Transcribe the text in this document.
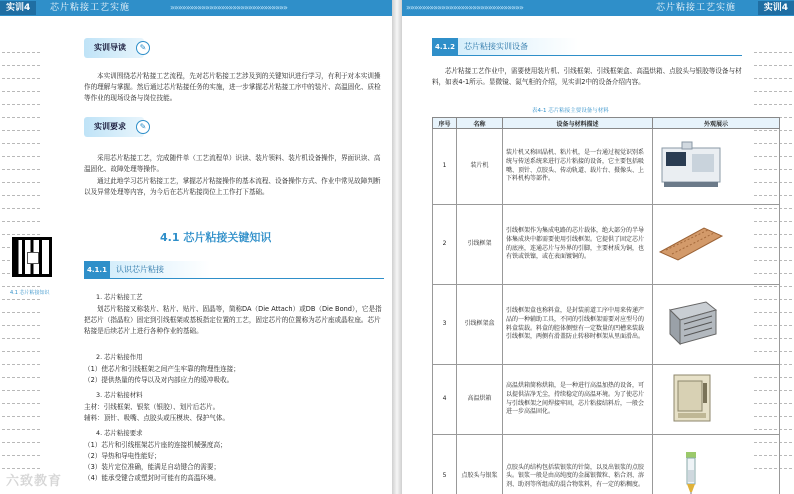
实训4	芯片粘接工艺实施	»»»»»»»»»»»»»»»»»»»»»»»»»»»»»»
实训导读	✎
本实训围绕芯片粘接工艺流程，先对芯片粘接工艺涉及到的关键知识进行学习，有利于对本实训操作的理解与掌握。然后通过芯片粘接任务的实施，进一步掌握芯片粘接工序中的装片、高温固化、质检等作业的现场设备与岗位技能。
实训要求	✎
采用芯片粘接工艺，完成随件单（工艺流程单）识读、装片领料、装片机设备操作，界面识读、高温固化、故障处理等操作。
通过此地学习芯片粘接工艺，掌握芯片粘接操作的基本流程、设备操作方式、作业中常见故障判断以及异常处理等内容，为今后在芯片粘接岗位上工作打下基础。
4.1 芯片粘接知识
4.1 芯片粘接关键知识
4.1.1	认识芯片粘接
1. 芯片粘接工艺
划芯片粘接又称装片、粘片、贴片、固晶等，简称DA（Die Attach）或DB（Die Bond），它是指把芯片（指晶粒）固定到引线框架或基板指定位置的工艺，固定芯片的位置称为芯片座或晶粒座。芯片粘接是后续芯片上进行各种作业的基础。
2. 芯片粘接作用
（1）使芯片和引线框架之间产生牢靠的物理性连接；
（2）提供热量的传导以及对内部应力的缓冲吸收。
3. 芯片粘接材料
主材：引线框架、银浆（银胶）、划片后芯片。
辅料：顶针、吸嘴、点胶头或压模块、保护气体。
4. 芯片粘接要求
（1）芯片和引线框架芯片座的连接机械强度高；
（2）导热和导电性能好；
（3）装片定位准确，能满足自动键合的需要；
（4）能承受键合或塑封时可能有的高温环境。
六致教育
»»»»»»»»»»»»»»»»»»»»»»»»»»»»»»	芯片粘接工艺实施	实训4
4.1.2	芯片粘接实训设备
芯片粘接工艺作业中，需要使用装片机、引线框架、引线框架盒、高温烘箱、点胶头与银胶等设备与材料，如表4-1所示。显微镜、氮气柜的介绍，见实训2中的设备介绍内容。
表4-1 芯片粘接主要设备与材料
序号	名称	设备与材料描述	外观展示
1	装片机	装片机又称固晶机、粘片机，是一台通过视觉识别系统与传送系统来进行芯片粘接的设备，它主要包括吸嘴、顶针、点胶头、传动轨道、载片台、摄像头、上下料机构等部件。	
2	引线框架	引线框架作为集成电路的芯片载体，绝大部分的半导体集成块中都需要使用引线框架。它提供了固定芯片的底座，连通芯片与外界的引脚，主要材质为铜，也有铁或铁镍，或在表面镀铜的。	
3	引线框架盒	引线框架盒也称料盒，是封装前道工序中用来传递产品的一种辅助工具，不同的引线框架需要对应型号的料盒装载。料盒的腔体侧壁有一定数量的凹槽来装载引线框架，两侧有滑盖防止转移时框架从里面滑出。	
4	高温烘箱	高温烘箱简称烘箱，是一种进行高温加热的设备，可以提供洁净无尘，持续稳定的高温环境。为了使芯片与引线框架之间焊接牢固，芯片粘接结料后，一般会进一步高温固化。	
5	点胶头与银浆	点胶头的结构包括装银浆的针筒，以及出银浆的点胶头。银浆一般是由高纯度的金属银微粒、粘合剂、溶剂、助剂等所组成的混合物浆料，有一定的粘稠度。	
